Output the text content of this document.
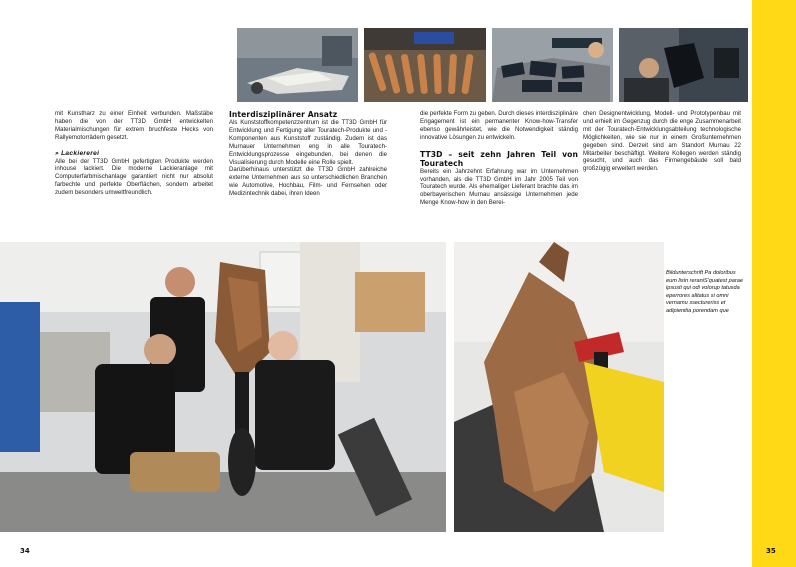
mit Kunstharz zu einer Einheit verbunden. Maßstäbe haben die von der TT3D GmbH entwickelten Materialmischungen für extrem bruchfeste Hecks von Rallyemotorrädern gesetzt.

» Lackiererei

Alle bei der TT3D GmbH gefertigten Produkte werden inhouse lackiert. Die moderne Lackieranlage mit Computerfarbmischanlage garantiert nicht nur absolut farbechte und perfekte Oberflächen, sondern arbeitet zudem besonders umweltfreundlich.

Interdisziplinärer Ansatz

Als Kunststoffkompetenzzentrum ist die TT3D GmbH für Entwicklung und Fertigung aller Touratech-Produkte und -Komponenten aus Kunststoff zuständig. Zudem ist das Murnauer Unternehmen eng in alle Touratech-Entwicklungsprozesse eingebunden, bei denen die Visualisierung durch Modelle eine Rolle spielt.

Darüberhinaus unterstützt die TT3D GmbH zahlreiche externe Unternehmen aus so unterschiedlichen Branchen wie Automotive, Hochbau, Film- und Fernsehen oder Medizintechnik dabei, ihren Ideen

die perfekte Form zu geben. Durch dieses interdisziplinäre Engagement ist ein permanenter Know-how-Transfer ebenso gewährleistet, wie die Notwendigkeit ständig innovative Lösungen zu entwickeln.

TT3D – seit zehn Jahren Teil von Touratech

Bereits ein Jahrzehnt Erfahrung war im Unternehmen vorhanden, als die TT3D GmbH im Jahr 2005 Teil von Touratech wurde. Als ehemaliger Lieferant brachte das im oberbayerischen Murnau ansässige Unternehmen jede Menge Know-how in den Berei-

chen Designentwicklung, Modell- und Prototypenbau mit und erhielt im Gegenzug durch die enge Zusammenarbeit mit der Touratech-Entwicklungsabteilung technologische Möglichkeiten, wie sie nur in einem Großunternehmen gegeben sind. Derzeit sind am Standort Murnau 22 Mitarbeiter beschäftigt. Weitere Kollegen werden ständig gesucht, und auch das Firmengebäude soll bald großzügig erweitert werden.

Bildunterschrift Pa doloribus eum lisin reraniS'quatest parae ipsusti qui odi volorup tatusda eperrores alitatus si omni vernamu ssectureriss et adipienitia porendam que
34	35
